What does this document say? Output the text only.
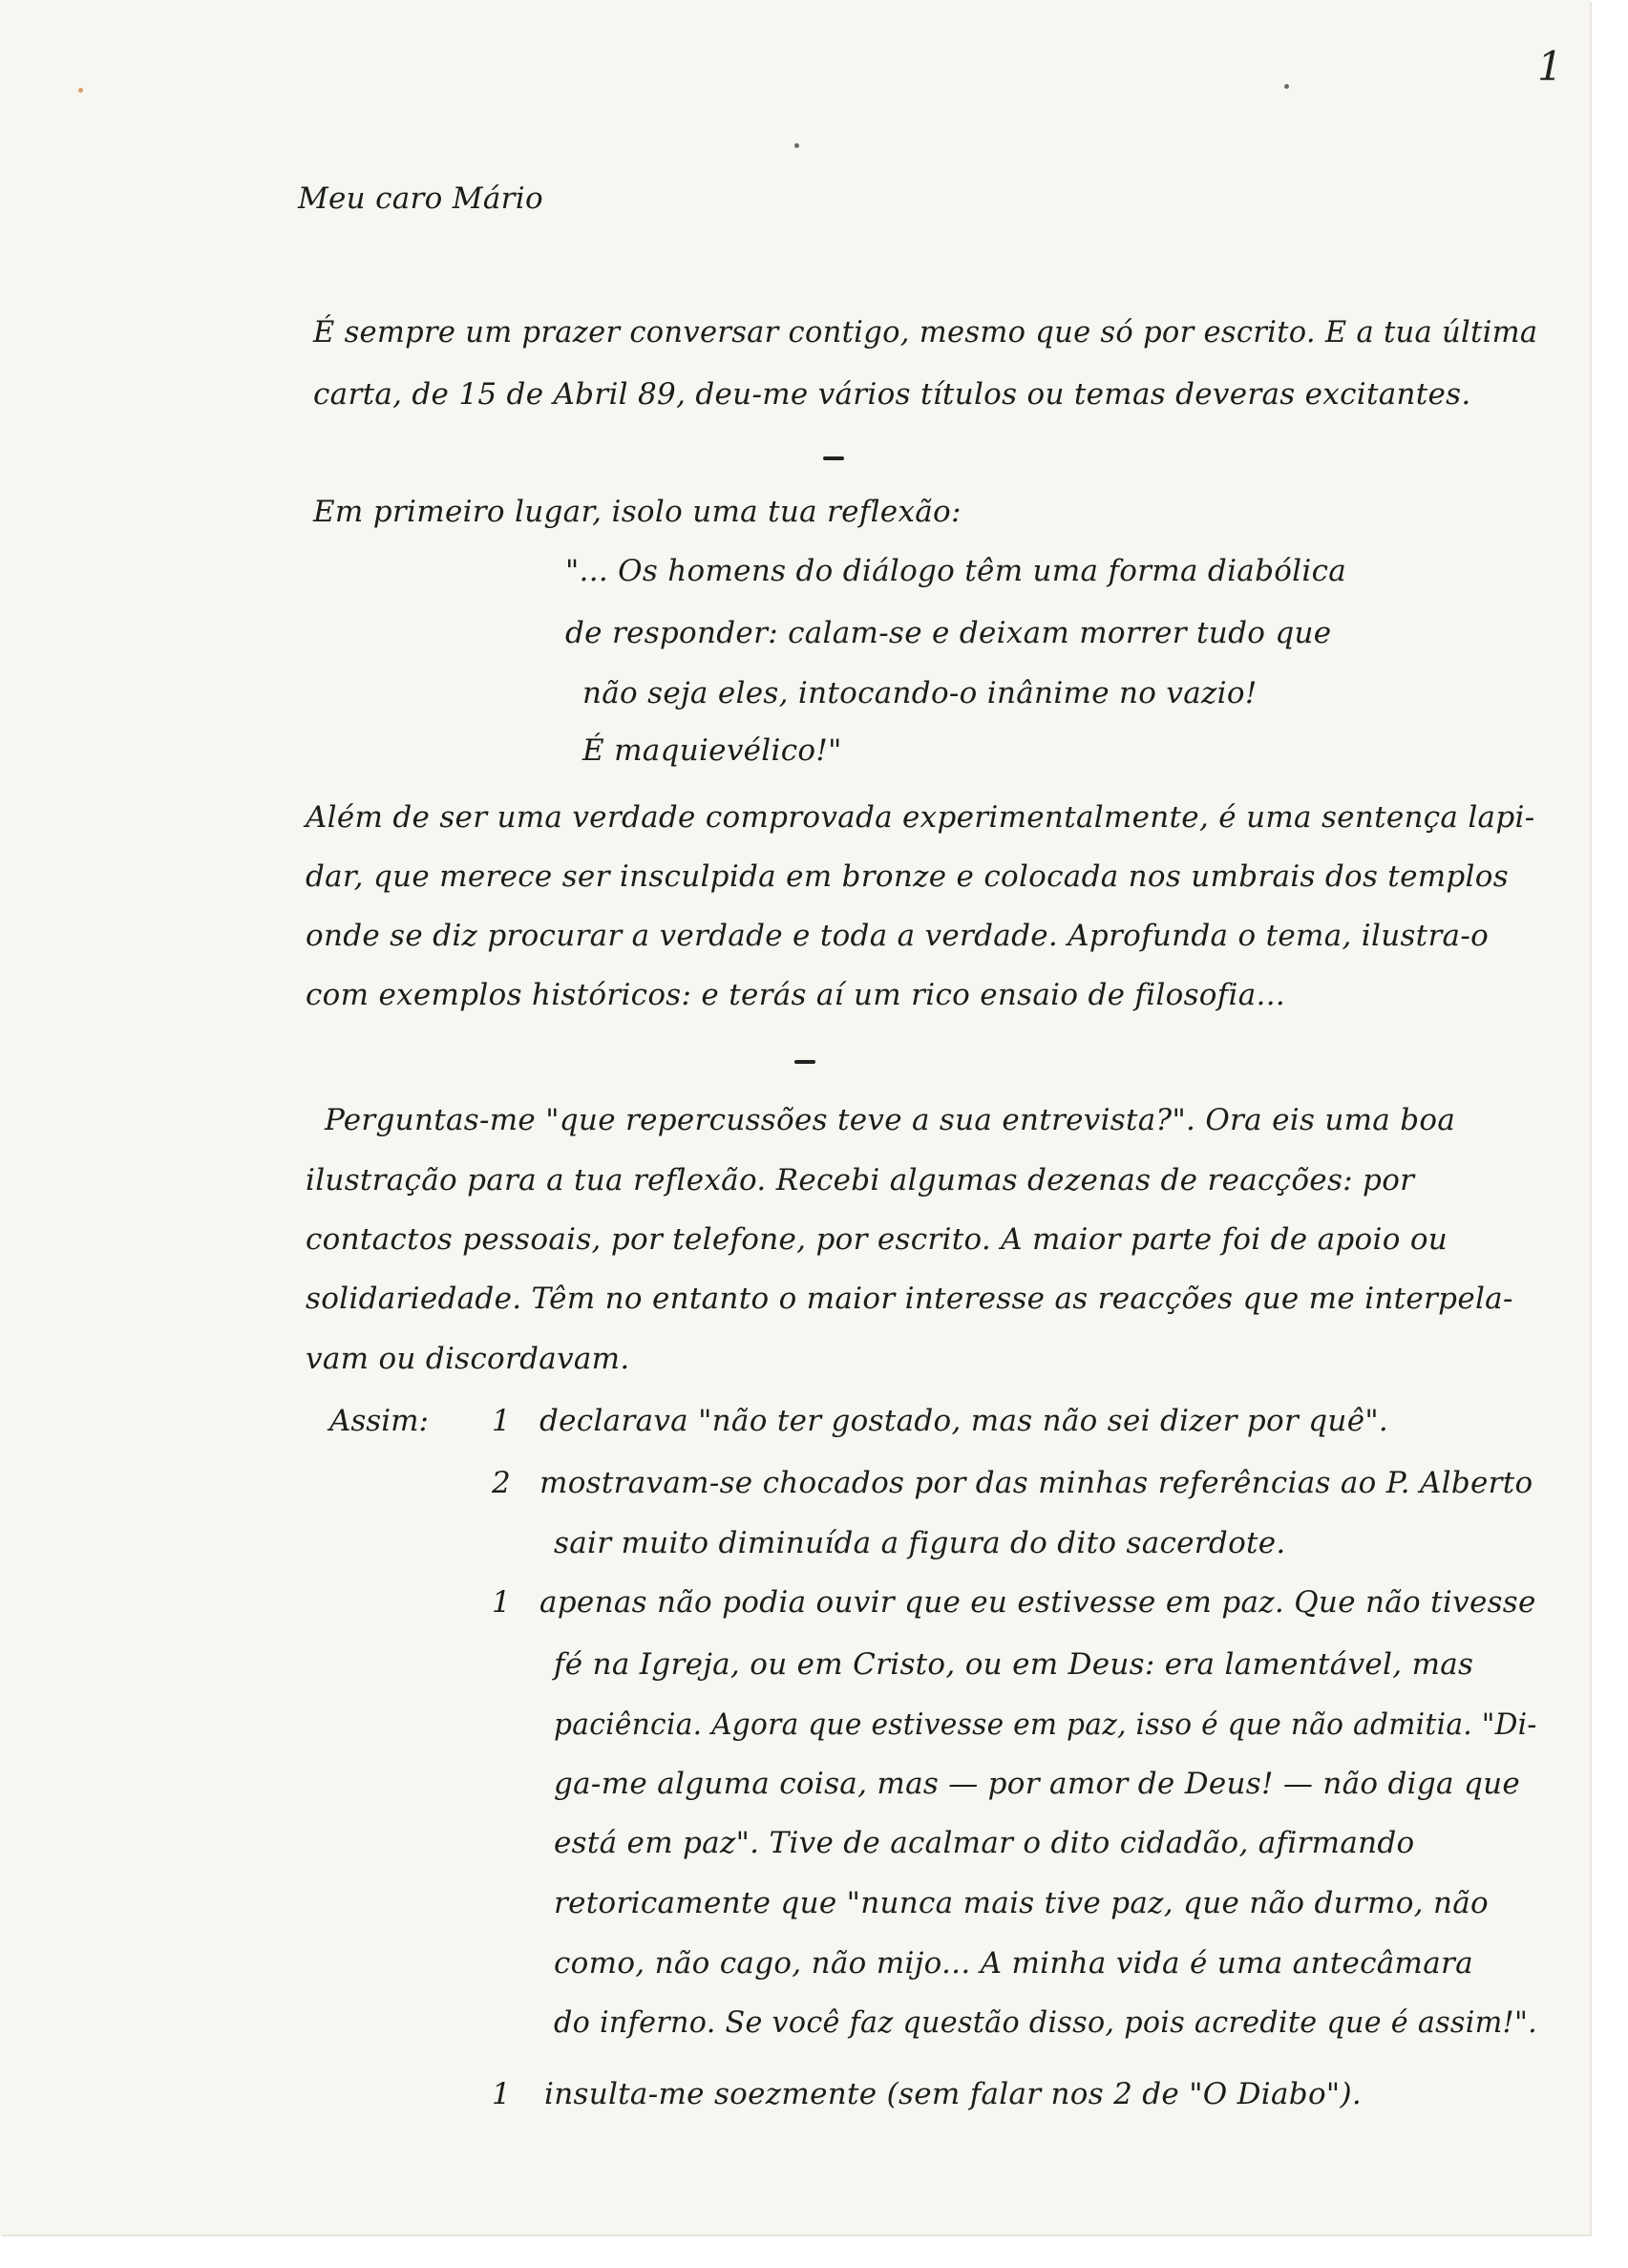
1
Meu caro Mário
É sempre um prazer conversar contigo, mesmo que só por escrito. E a tua última
carta, de 15 de Abril 89, deu-me vários títulos ou temas deveras excitantes.
Em primeiro lugar, isolo uma tua reflexão:
"... Os homens do diálogo têm uma forma diabólica
de responder: calam-se e deixam morrer tudo que
não seja eles, intocando-o inânime no vazio!
É maquievélico!"
Além de ser uma verdade comprovada experimentalmente, é uma sentença lapi-
dar, que merece ser insculpida em bronze e colocada nos umbrais dos templos
onde se diz procurar a verdade e toda a verdade. Aprofunda o tema, ilustra-o
com exemplos históricos: e terás aí um rico ensaio de filosofia...
Perguntas-me "que repercussões teve a sua entrevista?". Ora eis uma boa
ilustração para a tua reflexão. Recebi algumas dezenas de reacções: por
contactos pessoais, por telefone, por escrito. A maior parte foi de apoio ou
solidariedade. Têm no entanto o maior interesse as reacções que me interpela-
vam ou discordavam.
Assim: 1 declarava "não ter gostado, mas não sei dizer por quê".
2 mostravam-se chocados por das minhas referências ao P. Alberto
sair muito diminuída a figura do dito sacerdote.
1 apenas não podia ouvir que eu estivesse em paz. Que não tivesse
fé na Igreja, ou em Cristo, ou em Deus: era lamentável, mas
paciência. Agora que estivesse em paz, isso é que não admitia. "Di-
ga-me alguma coisa, mas — por amor de Deus! — não diga que
está em paz". Tive de acalmar o dito cidadão, afirmando
retoricamente que "nunca mais tive paz, que não durmo, não
como, não cago, não mijo... A minha vida é uma antecâmara
do inferno. Se você faz questão disso, pois acredite que é assim!".
1 insulta-me soezmente (sem falar nos 2 de "O Diabo").
